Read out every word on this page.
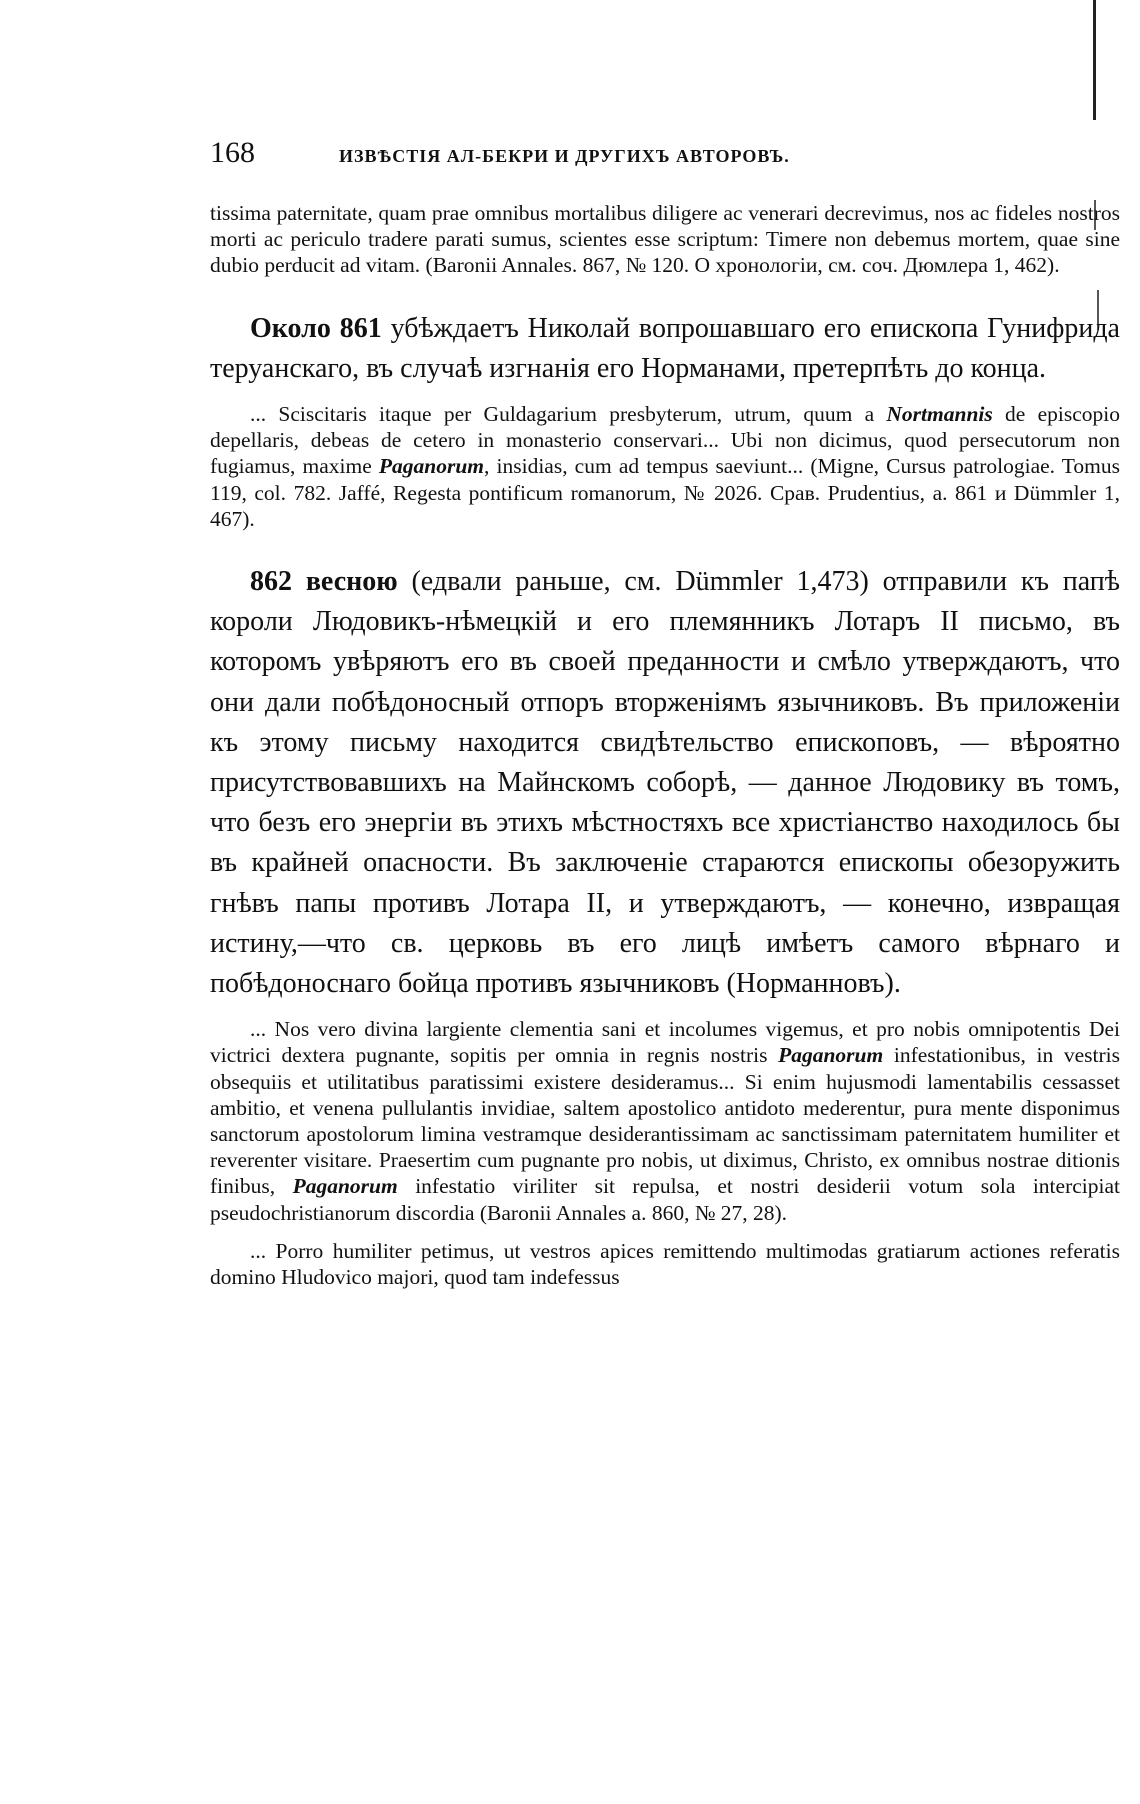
168	ИЗВѢСТІЯ АЛ-БЕКРИ И ДРУГИХЪ АВТОРОВЪ.

tissima paternitate, quam prae omnibus mortalibus diligere ac venerari decrevimus, nos ac fideles nostros morti ac periculo tradere parati sumus, scientes esse scriptum: Timere non debemus mortem, quae sine dubio perducit ad vitam. (Baronii Annales. 867, № 120. О хронологіи, см. соч. Дюмлера 1, 462).

Около 861 убѣждаетъ Николай вопрошавшаго его епископа Гунифрида теруанскаго, въ случаѣ изгнанія его Норманами, претерпѣть до конца.

... Sciscitaris itaque per Guldagarium presbyterum, utrum, quum a Nortmannis de episcopio depellaris, debeas de cetero in monasterio conservari... Ubi non dicimus, quod persecutorum non fugiamus, maxime Paganorum, insidias, cum ad tempus saeviunt... (Migne, Cursus patrologiae. Tomus 119, col. 782. Jaffé, Regesta pontificum romanorum, № 2026. Срав. Prudentius, a. 861 и Dümmler 1, 467).

862 весною (едвали раньше, см. Dümmler 1,473) отправили къ папѣ короли Людовикъ-нѣмецкій и его племянникъ Лотаръ II письмо, въ которомъ увѣряютъ его въ своей преданности и смѣло утверждаютъ, что они дали побѣдоносный отпоръ вторженіямъ язычниковъ. Въ приложеніи къ этому письму находится свидѣтельство епископовъ, — вѣроятно присутствовавшихъ на Майнскомъ соборѣ, — данное Людовику въ томъ, что безъ его энергіи въ этихъ мѣстностяхъ все христіанство находилось бы въ крайней опасности. Въ заключеніе стараются епископы обезоружить гнѣвъ папы противъ Лотара II, и утверждаютъ, — конечно, извращая истину,—что св. церковь въ его лицѣ имѣетъ самого вѣрнаго и побѣдоноснаго бойца противъ язычниковъ (Норманновъ).

... Nos vero divina largiente clementia sani et incolumes vigemus, et pro nobis omnipotentis Dei victrici dextera pugnante, sopitis per omnia in regnis nostris Paganorum infestationibus, in vestris obsequiis et utilitatibus paratissimi existere desideramus... Si enim hujusmodi lamentabilis cessasset ambitio, et venena pullulantis invidiae, saltem apostolico antidoto mederentur, pura mente disponimus sanctorum apostolorum limina vestramque desiderantissimam ac sanctissimam paternitatem humiliter et reverenter visitare. Praesertim cum pugnante pro nobis, ut diximus, Christo, ex omnibus nostrae ditionis finibus, Paganorum infestatio viriliter sit repulsa, et nostri desiderii votum sola intercipiat pseudochristianorum discordia (Baronii Annales a. 860, № 27, 28).

... Porro humiliter petimus, ut vestros apices remittendo multimodas gratiarum actiones referatis domino Hludovico majori, quod tam indefessus
